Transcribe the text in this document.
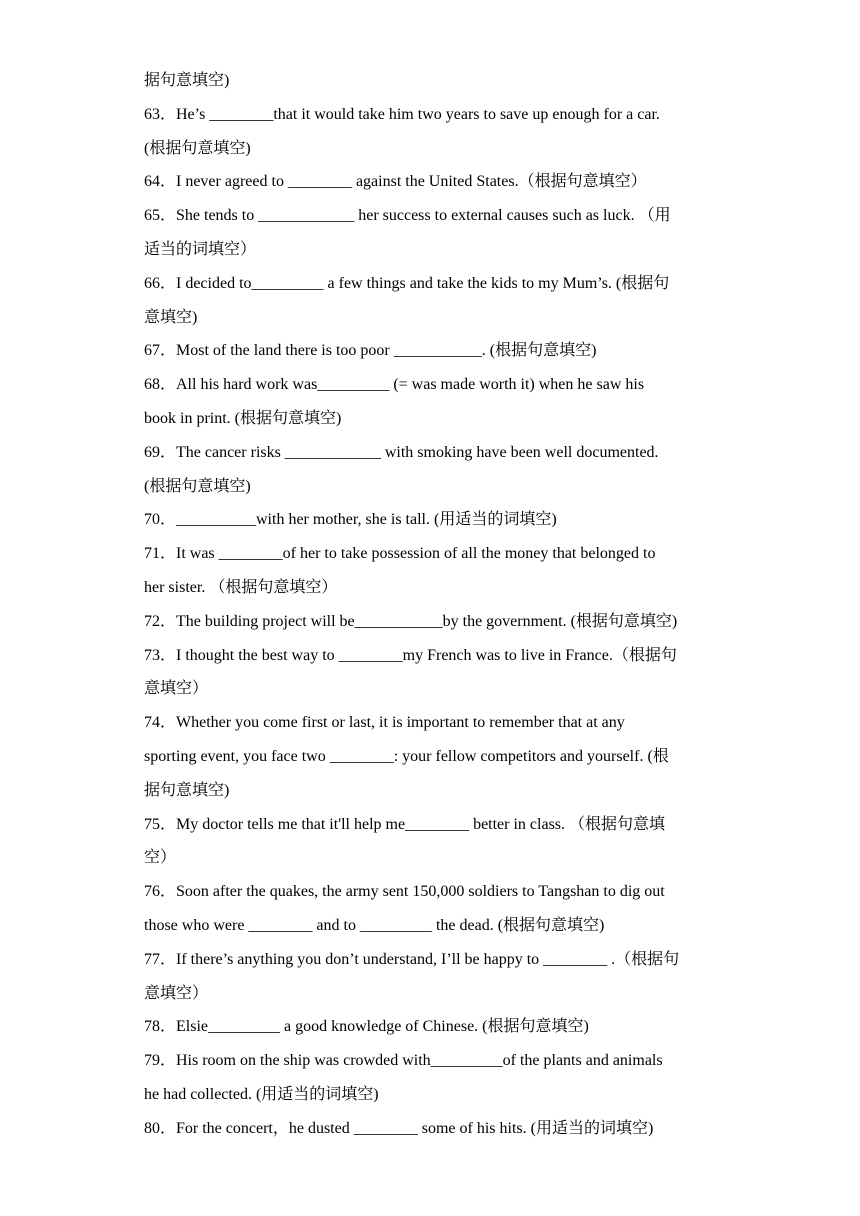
据句意填空)
63．He’s ________that it would take him two years to save up enough for a car.
(根据句意填空)
64．I never agreed to ________ against the United States.（根据句意填空）
65．She tends to ____________ her success to external causes such as luck. （用
适当的词填空）
66．I decided to_________ a few things and take the kids to my Mum’s. (根据句
意填空)
67．Most of the land there is too poor ___________. (根据句意填空)
68．All his hard work was_________ (= was made worth it) when he saw his
book in print. (根据句意填空)
69．The cancer risks ____________ with smoking have been well documented.
(根据句意填空)
70．__________with her mother, she is tall. (用适当的词填空)
71．It was ________of her to take possession of all the money that belonged to
her sister. （根据句意填空）
72．The building project will be___________by the government. (根据句意填空)
73．I thought the best way to ________my French was to live in France.（根据句
意填空）
74．Whether you come first or last, it is important to remember that at any
sporting event, you face two ________: your fellow competitors and yourself. (根
据句意填空)
75．My doctor tells me that it'll help me________ better in class. （根据句意填
空）
76．Soon after the quakes, the army sent 150,000 soldiers to Tangshan to dig out
those who were ________ and to _________ the dead. (根据句意填空)
77．If there’s anything you don’t understand, I’ll be happy to ________ .（根据句
意填空）
78．Elsie_________ a good knowledge of Chinese. (根据句意填空)
79．His room on the ship was crowded with_________of the plants and animals
he had collected. (用适当的词填空)
80．For the concert，he dusted ________ some of his hits. (用适当的词填空)
